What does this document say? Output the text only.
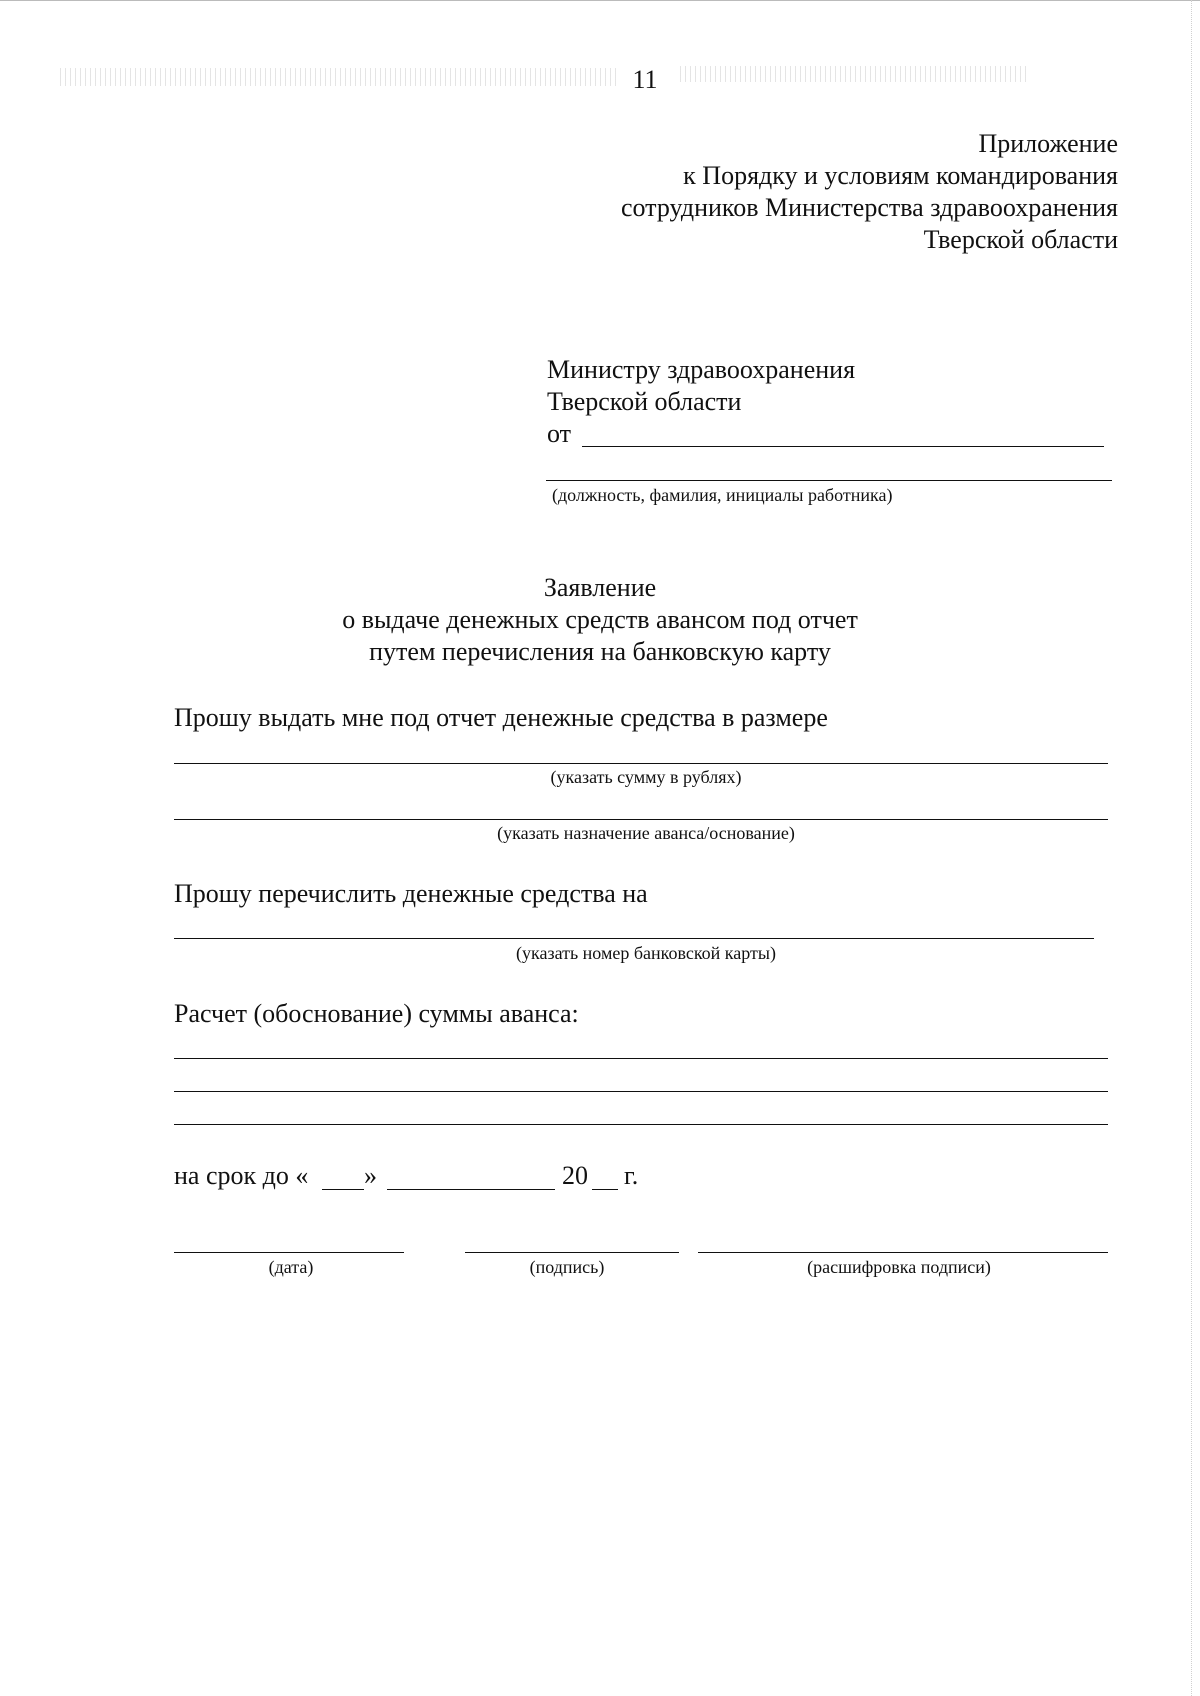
11
Приложение
к Порядку и условиям командирования
сотрудников Министерства здравоохранения
Тверской области
Министру здравоохранения
Тверской области
от
(должность, фамилия, инициалы работника)
Заявление
о выдаче денежных средств авансом под отчет
путем перечисления на банковскую карту
Прошу выдать мне под отчет денежные средства в размере
(указать сумму в рублях)
(указать назначение аванса/основание)
Прошу перечислить денежные средства на
(указать номер банковской карты)
Расчет (обоснование) суммы аванса:
на срок до « »	20 г.
(дата)	(подпись)	(расшифровка подписи)
